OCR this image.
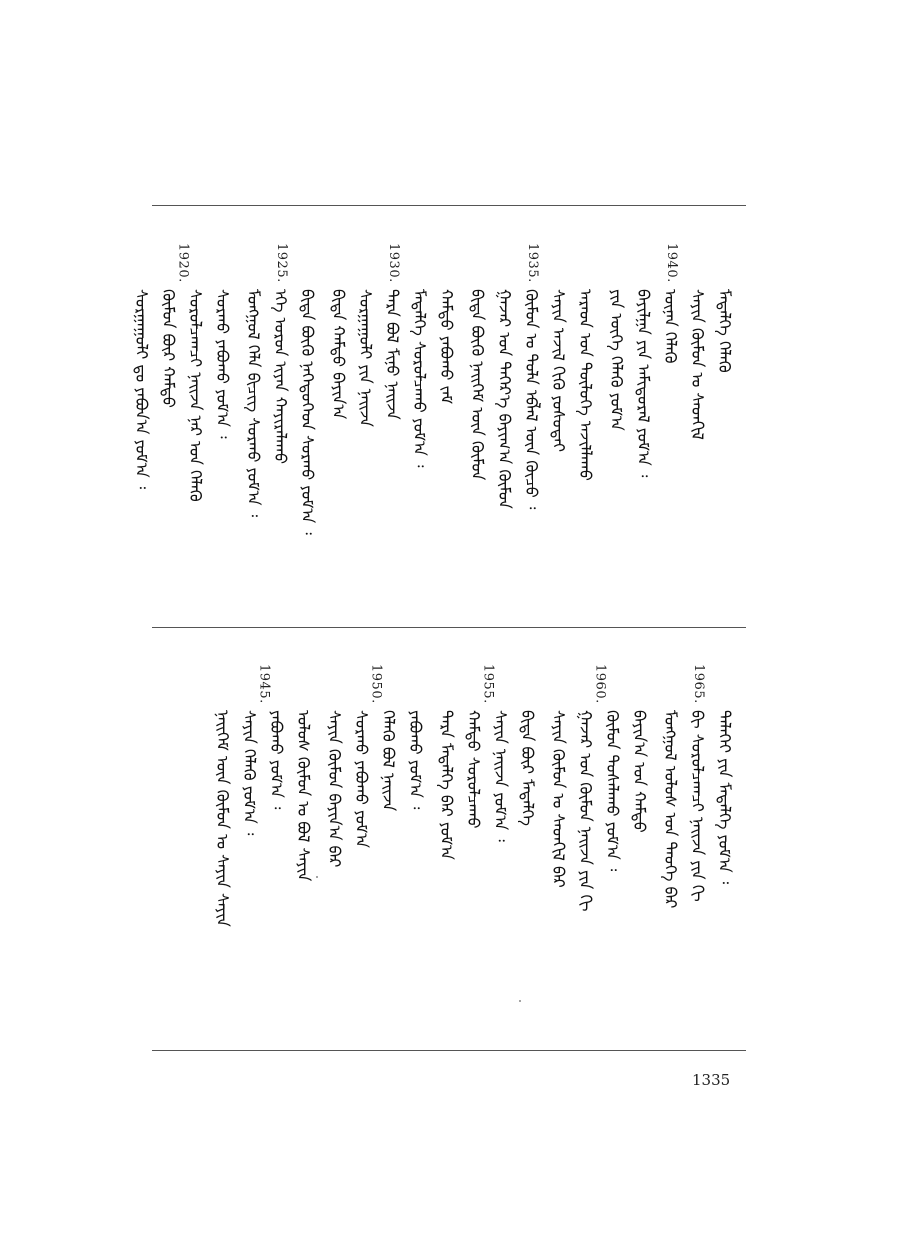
1940.
ᠶᠢᠨ ᠦᠭᠡ ᠬᠡᠯᠡᠬᠦ ᠶᠤᠮ᠎ᠠ ᠪᠠᠶᠢᠯᠭᠠ ᠶᠢᠨ ᠠᠮᠢᠳᠤᠷᠠᠯ ᠶᠤᠮ᠎ᠠ ᠄ ᠦᠨᠡᠨ ᠬᠡᠯᠡᠬᠦ ᠰᠠᠶᠢᠨ ᠬᠦᠮᠦᠨ ᠤ ᠰᠡᠳᠬᠢᠯ ᠮᠡᠳᠡᠯᠭᠡ ᠬᠡᠯᠡᠬᠦ
1935.
ᠪᠢᠳᠡ ᠪᠦᠬᠦ ᠨᠡᠢᠭᠡᠮ ᠦᠨ ᠬᠦᠮᠦᠨ ᠭᠠᠵᠠᠷ ᠤᠨ ᠳᠡᠭᠡᠷ᠎ᠡ ᠪᠠᠶᠢᠭ᠎ᠠ ᠬᠦᠮᠦᠨ ᠬᠦᠮᠦᠨ ᠤ ᠲᠤᠯᠠ ᠡᠪᠯᠡᠯ ᠦᠨ ᠬᠦᠴᠦ ᠄ ᠰᠠᠶᠢᠨ ᠠᠵᠢᠯ ᠬᠢᠬᠦ ᠶᠤᠰᠤᠲᠠᠢ ᠠᠷᠠᠳ ᠤᠨ ᠲᠦᠯᠦᠭᠡ ᠠᠵᠢᠯᠯᠠᠬᠤ
1930.
ᠪᠢᠳᠡ ᠬᠠᠮᠲᠤ ᠪᠠᠶᠢᠨ᠎ᠠ ᠰᠤᠷᠭᠠᠭᠤᠯᠢ ᠶᠢᠨ ᠨᠠᠢᠵᠠ ᠲᠡᠷᠡ ᠪᠤᠯ ᠮᠢᠨᠦ ᠨᠠᠢᠵᠠ ᠮᠡᠳᠡᠯᠭᠡ ᠰᠤᠷᠤᠯᠴᠠᠬᠤ ᠶᠤᠮ᠎ᠠ ᠄ ᠬᠠᠮᠲᠤ ᠶᠠᠪᠤᠬᠤ ᠵᠠᠮ
1925.
ᠮᠣᠩᠭᠣᠯ ᠬᠡᠯᠡ ᠪᠢᠴᠢᠭ ᠰᠤᠷᠬᠤ ᠶᠤᠮ᠎ᠠ ᠄ ᠡᠬᠡ ᠣᠷᠤᠨ ᠢᠶᠠᠨ ᠬᠠᠶᠢᠷᠠᠯᠠᠬᠤ ᠪᠢᠳᠡ ᠪᠦᠬᠦ ᠨᠡᠭᠡᠳᠦᠭᠡᠳ ᠰᠤᠷᠬᠤ ᠶᠤᠮ᠎ᠠ ᠄
1920.
ᠰᠤᠷᠭᠠᠭᠤᠯᠢ ᠳᠤ ᠶᠠᠪᠤᠨ᠎ᠠ ᠶᠤᠮ᠎ᠠ ᠄ ᠬᠦᠮᠦᠨ ᠪᠦᠷ ᠬᠠᠮᠲᠤ ᠰᠤᠷᠤᠯᠴᠠᠭᠴᠢ ᠨᠠᠢᠵᠠ ᠨᠠᠷ ᠤᠨ ᠬᠡᠯᠡᠬᠦ ᠰᠤᠷᠬᠤ ᠶᠠᠪᠤᠬᠤ ᠶᠤᠮ᠎ᠠ ᠄
1965.
ᠮᠣᠩᠭᠣᠯ ᠤᠯᠤᠰ ᠤᠨ ᠲᠡᠦᠬᠡ ᠪᠠᠷ ᠪᠢ ᠰᠤᠷᠤᠯᠴᠠᠭᠴᠢ ᠨᠠᠢᠵᠠ ᠶᠢᠨ ᠬᠢ ᠳᠡᠯᠡᠬᠡᠢ ᠶᠢᠨ ᠮᠡᠳᠡᠯᠭᠡ ᠶᠤᠮ᠎ᠠ ᠄
1960.
ᠰᠠᠶᠢᠨ ᠬᠦᠮᠦᠨ ᠤ ᠰᠡᠳᠬᠢᠯ ᠪᠠᠷ ᠭᠠᠵᠠᠷ ᠤᠨ ᠬᠦᠮᠦᠨ ᠨᠠᠢᠵᠠ ᠶᠢᠨ ᠬᠢ ᠬᠦᠮᠦᠨ ᠲᠤᠰᠠᠯᠠᠬᠤ ᠶᠤᠮ᠎ᠠ ᠄ ᠪᠠᠶᠢᠨ᠎ᠠ ᠤᠨ ᠬᠠᠮᠲᠤ
1955.
ᠲᠡᠷᠡ ᠮᠡᠳᠡᠯᠭᠡ ᠪᠠᠷ ᠶᠤᠮ᠎ᠠ ᠬᠠᠮᠲᠤ ᠰᠤᠷᠤᠯᠴᠠᠬᠤ ᠰᠠᠶᠢᠨ ᠨᠠᠢᠵᠠ ᠶᠤᠮ᠎ᠠ ᠄ ᠪᠢᠳᠡ ᠪᠦᠷ ᠮᠡᠳᠡᠯᠭᠡ
1950.
ᠰᠠᠶᠢᠨ ᠬᠦᠮᠦᠨ ᠪᠠᠶᠢᠨ᠎ᠠ ᠪᠠᠷ ᠰᠤᠷᠬᠤ ᠶᠠᠪᠤᠬᠤ ᠶᠤᠮ᠎ᠠ ᠬᠡᠯᠡᠬᠦ ᠪᠤᠯ ᠨᠠᠢᠵᠠ ᠶᠠᠪᠤᠬᠤ ᠶᠤᠮ᠎ᠠ ᠄
1945.
ᠨᠡᠢᠭᠡᠮ ᠦᠨ ᠬᠦᠮᠦᠨ ᠤ ᠰᠠᠶᠢᠨ ᠰᠠᠶᠢᠨ ᠰᠠᠶᠢᠨ ᠬᠡᠯᠡᠬᠦ ᠶᠤᠮ᠎ᠠ ᠄ ᠶᠠᠪᠤᠬᠤ ᠶᠤᠮ᠎ᠠ ᠄ ᠤᠯᠤᠰ ᠬᠦᠮᠦᠨ ᠤ ᠪᠤᠯ ᠰᠠᠶᠢᠨ
1335
